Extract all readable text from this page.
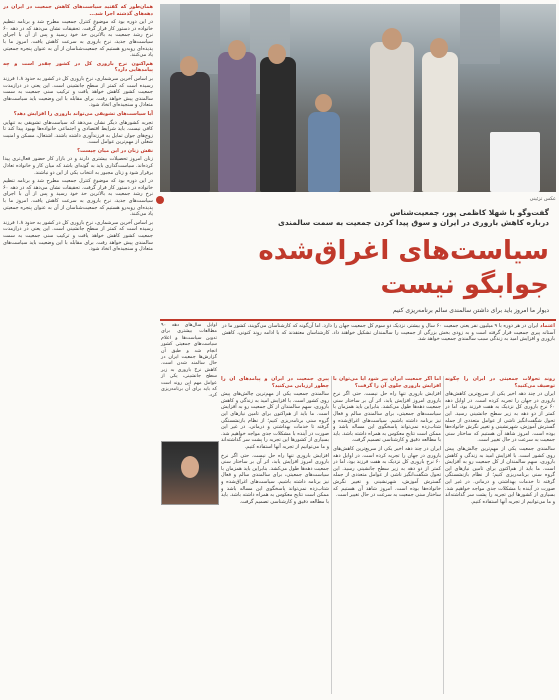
همان‌طور که گفتید سیاست‌های کاهش جمعیت در ایران در دهه‌های گذشته اجرا شد...

در این دوره بود که موضوع کنترل جمعیت مطرح شد و برنامه تنظیم خانواده در دستور کار قرار گرفت. تحقیقات نشان می‌دهد که در دهه ۶۰ نرخ رشد جمعیت به بالاترین حد خود رسید و پس از آن با اجرای سیاست‌های جدید، نرخ باروری به سرعت کاهش یافت. امروز ما با پدیده‌ای روبه‌رو هستیم که جمعیت‌شناسان از آن به عنوان پنجره جمعیتی یاد می‌کنند.

هم‌اکنون نرخ باروری کل در کشور چقدر است و چه پیامدهایی دارد؟

بر اساس آخرین سرشماری، نرخ باروری کل در کشور به حدود ۱.۸ فرزند رسیده است که کمتر از سطح جانشینی است. این یعنی در درازمدت جمعیت کشور کاهش خواهد یافت و ترکیب سنی جمعیت به سمت سالمندی پیش خواهد رفت. برای مقابله با این وضعیت باید سیاست‌های متعادل و سنجیده‌ای اتخاذ شود.

آیا سیاست‌های تشویقی می‌تواند باروری را افزایش دهد؟

تجربه کشورهای دیگر نشان می‌دهد که سیاست‌های تشویقی به تنهایی کافی نیست. باید شرایط اقتصادی و اجتماعی خانواده‌ها بهبود پیدا کند تا زوج‌های جوان تمایل به فرزندآوری داشته باشند. اشتغال، مسکن و امنیت شغلی از مهم‌ترین عوامل است.

نقش زنان در این میان چیست؟

زنان امروز تحصیلات بیشتری دارند و در بازار کار حضور فعال‌تری پیدا کرده‌اند. سیاست‌گذاری باید به گونه‌ای باشد که میان کار و خانواده تعادل برقرار شود و زنان مجبور به انتخاب یکی از این دو نباشند.

در این دوره بود که موضوع کنترل جمعیت مطرح شد و برنامه تنظیم خانواده در دستور کار قرار گرفت. تحقیقات نشان می‌دهد که در دهه ۶۰ نرخ رشد جمعیت به بالاترین حد خود رسید و پس از آن با اجرای سیاست‌های جدید، نرخ باروری به سرعت کاهش یافت. امروز ما با پدیده‌ای روبه‌رو هستیم که جمعیت‌شناسان از آن به عنوان پنجره جمعیتی یاد می‌کنند.

بر اساس آخرین سرشماری، نرخ باروری کل در کشور به حدود ۱.۸ فرزند رسیده است که کمتر از سطح جانشینی است. این یعنی در درازمدت جمعیت کشور کاهش خواهد یافت و ترکیب سنی جمعیت به سمت سالمندی پیش خواهد رفت. برای مقابله با این وضعیت باید سیاست‌های متعادل و سنجیده‌ای اتخاذ شود.

عکس تزئینی
گفت‌وگو با شهلا کاظمی پور، جمعیت‌شناس
درباره کاهش باروری در ایران و سوق پیدا کردن جمعیت به سمت سالمندی
سیاست‌های اغراق‌شده
جوابگو نیست
دیوار ما امروز باید برای داشتن سالمندی سالم برنامه‌ریزی کنیم
اعتماد ایران در هر دوره با ۹ میلیون نفر یعنی جمعیت ۶۰ سال و بیشتر، نزدیک دو سوم کل جمعیت جهان را دارد. اما آن‌گونه که کارشناسان می‌گویند، کشور ما در آستانه پیری جمعیت قرار گرفته است و به زودی بخش بزرگی از جمعیت را سالمندان تشکیل خواهند داد. کارشناسان معتقدند که با ادامه روند کنونی، کاهش باروری و افزایش امید به زندگی سبب سالمندی جمعیت خواهد شد.
اوایل سال‌های دهه ۹۰ مطالعات بیشتری برای تدوین سیاست‌ها و اعلام سیاست‌های جمعیتی کشور انجام شد و طبق آن گزارش‌ها جمعیت ایران در حال سالمند شدن است. کاهش نرخ باروری به زیر سطح جانشینی، یکی از عوامل مهم این روند است که باید برای آن برنامه‌ریزی کرد.

روند تحولات جمعیتی در ایران را چگونه توصیف می‌کنید؟

ایران در چند دهه اخیر یکی از سریع‌ترین کاهش‌های باروری در جهان را تجربه کرده است. در اوایل دهه ۶۰ نرخ باروری کل نزدیک به هفت فرزند بود، اما در کمتر از دو دهه به زیر سطح جانشینی رسید. این تحول شگفت‌انگیز ناشی از عوامل متعددی از جمله گسترش آموزش، شهرنشینی و تغییر نگرش خانواده‌ها بوده است. امروز شاهد آن هستیم که ساختار سنی جمعیت به سرعت در حال تغییر است.

سالمندی جمعیت یکی از مهم‌ترین چالش‌های پیش روی کشور است. با افزایش امید به زندگی و کاهش باروری، سهم سالمندان از کل جمعیت رو به افزایش است. ما باید از هم‌اکنون برای تامین نیازهای این گروه سنی برنامه‌ریزی کنیم؛ از نظام بازنشستگی گرفته تا خدمات بهداشتی و درمانی. در غیر این صورت در آینده با مشکلات جدی مواجه خواهیم شد. بسیاری از کشورها این تجربه را پشت سر گذاشته‌اند و ما می‌توانیم از تجربه آنها استفاده کنیم.

اما اگر جمعیت ایران پیر شود آیا می‌توان با افزایش باروری جلوی آن را گرفت؟

افزایش باروری تنها راه حل نیست. حتی اگر نرخ باروری امروز افزایش یابد، اثر آن بر ساختار سنی جمعیت دهه‌ها طول می‌کشد. بنابراین باید همزمان با سیاست‌های جمعیتی، برای سالمندی سالم و فعال نیز برنامه داشته باشیم. سیاست‌های اغراق‌شده و شتاب‌زده نمی‌تواند پاسخگوی این مساله باشد و ممکن است نتایج معکوس به همراه داشته باشد. باید با مطالعه دقیق و کارشناسی تصمیم گرفت.

ایران در چند دهه اخیر یکی از سریع‌ترین کاهش‌های باروری در جهان را تجربه کرده است. در اوایل دهه ۶۰ نرخ باروری کل نزدیک به هفت فرزند بود، اما در کمتر از دو دهه به زیر سطح جانشینی رسید. این تحول شگفت‌انگیز ناشی از عوامل متعددی از جمله گسترش آموزش، شهرنشینی و تغییر نگرش خانواده‌ها بوده است. امروز شاهد آن هستیم که ساختار سنی جمعیت به سرعت در حال تغییر است.

پیری جمعیت در ایران و پیامدهای آن را چطور ارزیابی می‌کنید؟

سالمندی جمعیت یکی از مهم‌ترین چالش‌های پیش روی کشور است. با افزایش امید به زندگی و کاهش باروری، سهم سالمندان از کل جمعیت رو به افزایش است. ما باید از هم‌اکنون برای تامین نیازهای این گروه سنی برنامه‌ریزی کنیم؛ از نظام بازنشستگی گرفته تا خدمات بهداشتی و درمانی. در غیر این صورت در آینده با مشکلات جدی مواجه خواهیم شد. بسیاری از کشورها این تجربه را پشت سر گذاشته‌اند و ما می‌توانیم از تجربه آنها استفاده کنیم.

افزایش باروری تنها راه حل نیست. حتی اگر نرخ باروری امروز افزایش یابد، اثر آن بر ساختار سنی جمعیت دهه‌ها طول می‌کشد. بنابراین باید همزمان با سیاست‌های جمعیتی، برای سالمندی سالم و فعال نیز برنامه داشته باشیم. سیاست‌های اغراق‌شده و شتاب‌زده نمی‌تواند پاسخگوی این مساله باشد و ممکن است نتایج معکوس به همراه داشته باشد. باید با مطالعه دقیق و کارشناسی تصمیم گرفت.
